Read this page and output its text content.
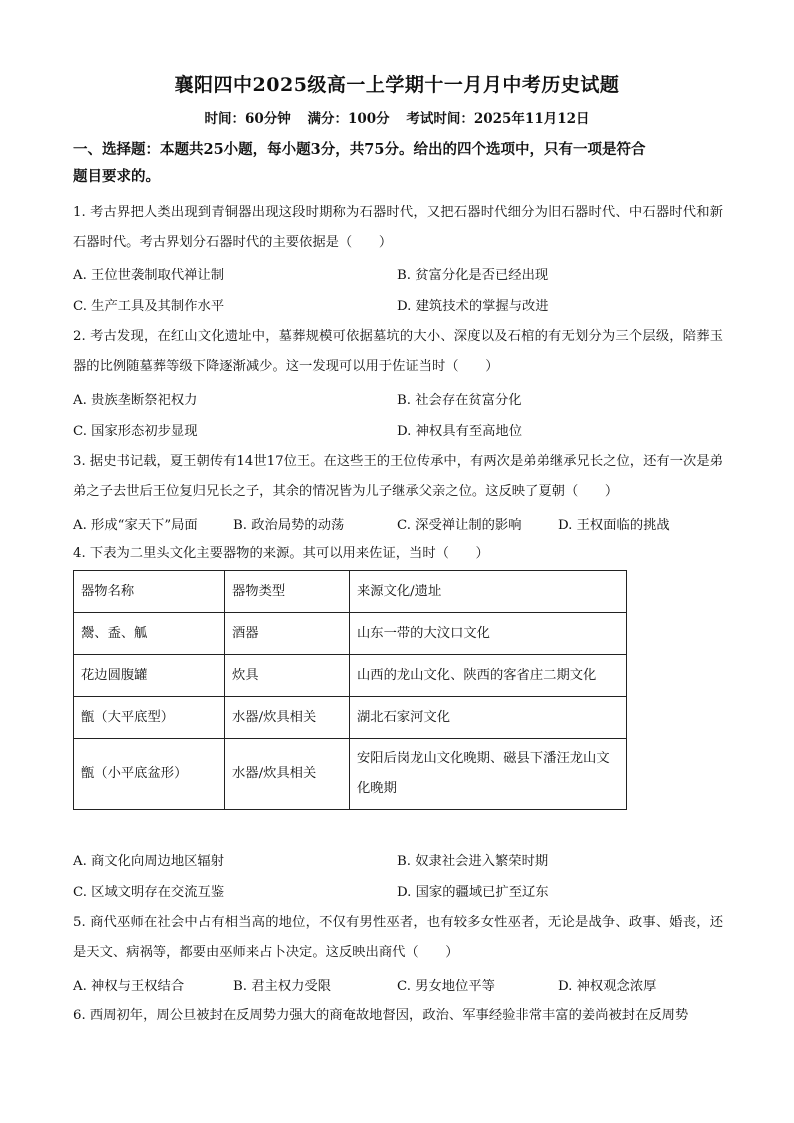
襄阳四中2025级高一上学期十一月月中考历史试题
时间：60分钟 满分：100分 考试时间：2025年11月12日
一、选择题：本题共25小题，每小题3分，共75分。给出的四个选项中，只有一项是符合
题目要求的。
1. 考古界把人类出现到青铜器出现这段时期称为石器时代，又把石器时代细分为旧石器时代、中石器时代和新石器时代。考古界划分石器时代的主要依据是（　　）
A. 王位世袭制取代禅让制	B. 贫富分化是否已经出现
C. 生产工具及其制作水平	D. 建筑技术的掌握与改进
2. 考古发现，在红山文化遗址中，墓葬规模可依据墓坑的大小、深度以及石棺的有无划分为三个层级，陪葬玉器的比例随墓葬等级下降逐渐减少。这一发现可以用于佐证当时（　　）
A. 贵族垄断祭祀权力	B. 社会存在贫富分化
C. 国家形态初步显现	D. 神权具有至高地位
3. 据史书记载，夏王朝传有14世17位王。在这些王的王位传承中，有两次是弟弟继承兄长之位，还有一次是弟弟之子去世后王位复归兄长之子，其余的情况皆为儿子继承父亲之位。这反映了夏朝（　　）
A. 形成“家天下”局面	B. 政治局势的动荡	C. 深受禅让制的影响	D. 王权面临的挑战
4. 下表为二里头文化主要器物的来源。其可以用来佐证，当时（　　）
器物名称	器物类型	来源文化/遗址
鬶、盉、觚	酒器	山东一带的大汶口文化
花边圆腹罐	炊具	山西的龙山文化、陕西的客省庄二期文化
甑（大平底型）	水器/炊具相关	湖北石家河文化
甑（小平底盆形）	水器/炊具相关	安阳后岗龙山文化晚期、磁县下潘汪龙山文化晚期
A. 商文化向周边地区辐射	B. 奴隶社会进入繁荣时期
C. 区域文明存在交流互鉴	D. 国家的疆域已扩至辽东
5. 商代巫师在社会中占有相当高的地位，不仅有男性巫者，也有较多女性巫者，无论是战争、政事、婚丧，还是天文、病祸等，都要由巫师来占卜决定。这反映出商代（　　）
A. 神权与王权结合	B. 君主权力受限	C. 男女地位平等	D. 神权观念浓厚
6. 西周初年，周公旦被封在反周势力强大的商奄故地督因，政治、军事经验非常丰富的姜尚被封在反周势
